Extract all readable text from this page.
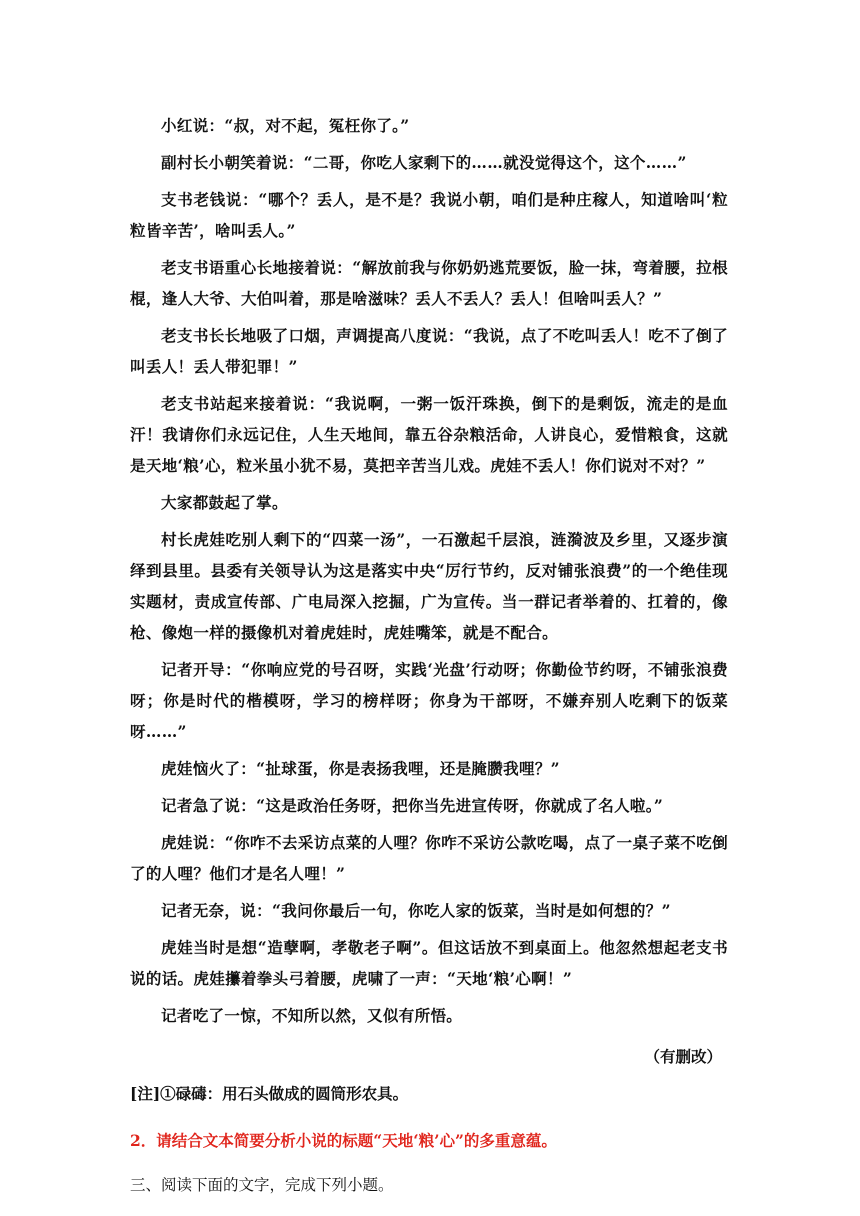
小红说：“叔，对不起，冤枉你了。”

副村长小朝笑着说：“二哥，你吃人家剩下的……就没觉得这个，这个……”

支书老钱说：“哪个？丢人，是不是？我说小朝，咱们是种庄稼人，知道啥叫‘粒粒皆辛苦’，啥叫丢人。”

老支书语重心长地接着说：“解放前我与你奶奶逃荒要饭，脸一抹，弯着腰，拉根棍，逢人大爷、大伯叫着，那是啥滋味？丢人不丢人？丢人！但啥叫丢人？”

老支书长长地吸了口烟，声调提高八度说：“我说，点了不吃叫丢人！吃不了倒了叫丢人！丢人带犯罪！”

老支书站起来接着说：“我说啊，一粥一饭汗珠换，倒下的是剩饭，流走的是血汗！我请你们永远记住，人生天地间，靠五谷杂粮活命，人讲良心，爱惜粮食，这就是天地‘粮’心，粒米虽小犹不易，莫把辛苦当儿戏。虎娃不丢人！你们说对不对？”

大家都鼓起了掌。

村长虎娃吃别人剩下的“四菜一汤”，一石激起千层浪，涟漪波及乡里，又逐步演绎到县里。县委有关领导认为这是落实中央“厉行节约，反对铺张浪费”的一个绝佳现实题材，责成宣传部、广电局深入挖掘，广为宣传。当一群记者举着的、扛着的，像枪、像炮一样的摄像机对着虎娃时，虎娃嘴笨，就是不配合。

记者开导：“你响应党的号召呀，实践‘光盘’行动呀；你勤俭节约呀，不铺张浪费呀；你是时代的楷模呀，学习的榜样呀；你身为干部呀，不嫌弃别人吃剩下的饭菜呀……”

虎娃恼火了：“扯球蛋，你是表扬我哩，还是腌臜我哩？”

记者急了说：“这是政治任务呀，把你当先进宣传呀，你就成了名人啦。”

虎娃说：“你咋不去采访点菜的人哩？你咋不采访公款吃喝，点了一桌子菜不吃倒了的人哩？他们才是名人哩！”

记者无奈，说：“我问你最后一句，你吃人家的饭菜，当时是如何想的？”

虎娃当时是想“造孽啊，孝敬老子啊”。但这话放不到桌面上。他忽然想起老支书说的话。虎娃攥着拳头弓着腰，虎啸了一声：“天地‘粮’心啊！”

记者吃了一惊，不知所以然，又似有所悟。

（有删改）

[注]①碌碡：用石头做成的圆筒形农具。

2．请结合文本简要分析小说的标题“天地‘粮’心”的多重意蕴。

三、阅读下面的文字，完成下列小题。
